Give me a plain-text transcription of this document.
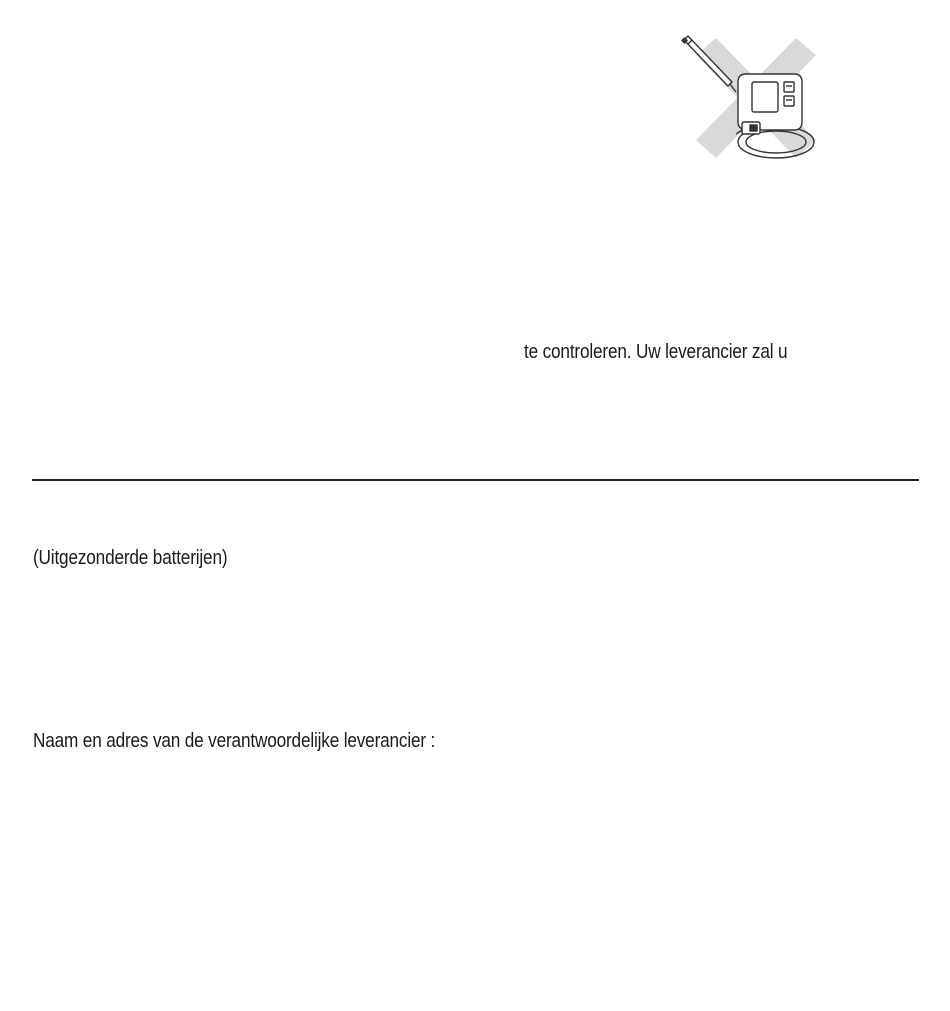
te controleren. Uw leverancier zal u
(Uitgezonderde batterijen)
Naam en adres van de verantwoordelijke leverancier :
